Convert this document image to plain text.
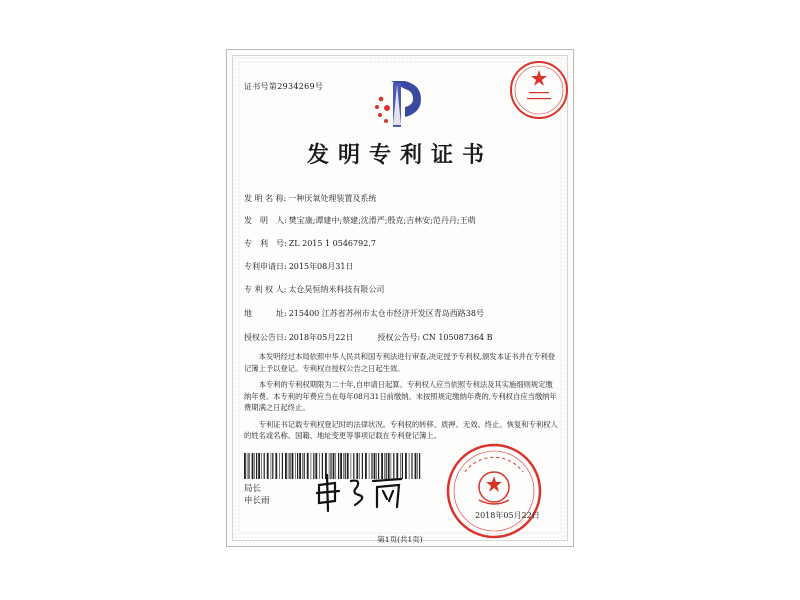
证书号第2934269号
发明专利证书
发 明 名 称: 一种厌氧处理装置及系统
发　明　人: 樊宝康;谭建中;蔡建;沈滑严;殷克;吉林安;范丹丹;王萌
专　利　号: ZL 2015 1 0546792.7
专利申请日: 2015年08月31日
专 利 权 人: 太仓昊恒纳米科技有限公司
地　　　址: 215400 江苏省苏州市太仓市经济开发区青岛西路38号
授权公告日: 2018年05月22日　　　授权公告号: CN 105087364 B

本发明经过本局依照中华人民共和国专利法进行审查,决定授予专利权,颁发本证书并在专利登记簿上予以登记。专利权自授权公告之日起生效。

本专利的专利权期限为二十年,自申请日起算。专利权人应当依照专利法及其实施细则规定缴纳年费。本专利的年费应当在每年08月31日前缴纳。未按照规定缴纳年费的,专利权自应当缴纳年费期满之日起终止。

专利证书记载专利权登记时的法律状况。专利权的转移、质押、无效、终止、恢复和专利权人的姓名或名称、国籍、地址变更等事项记载在专利登记簿上。

局长
申长雨
2018年05月22日
第1页(共1页)
